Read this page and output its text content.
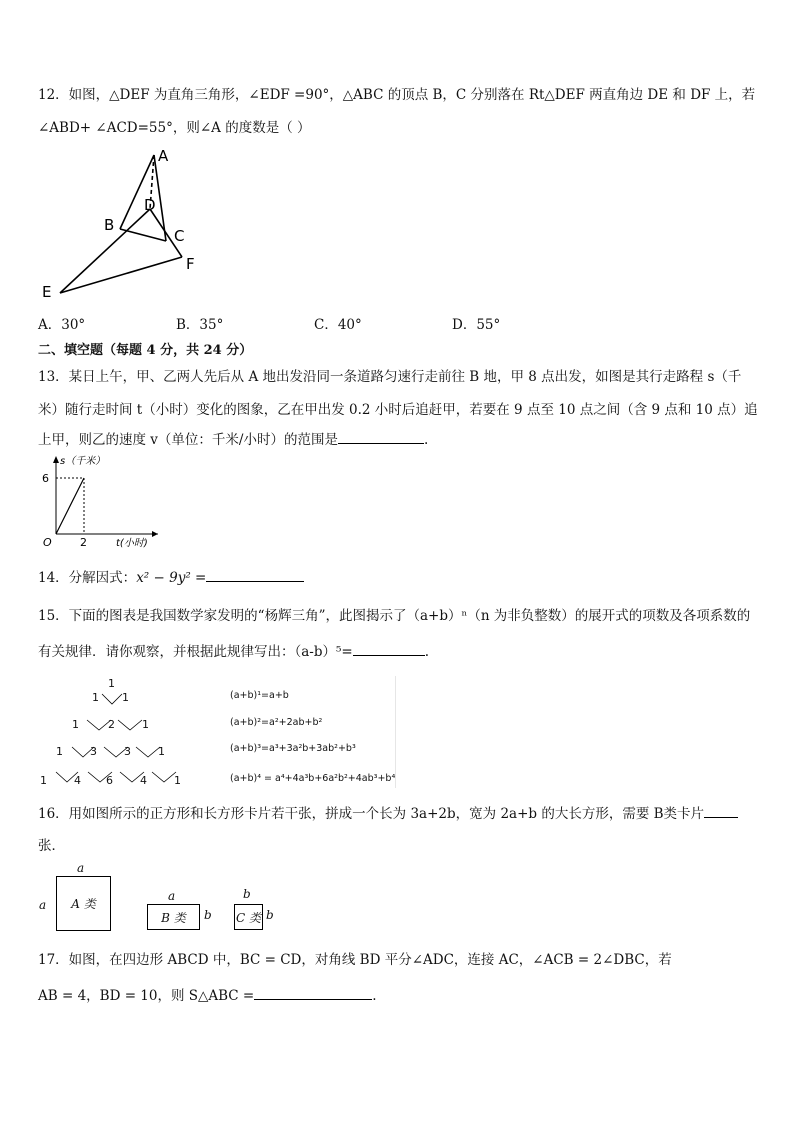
12．如图，△DEF 为直角三角形，∠EDF =90°，△ABC 的顶点 B，C 分别落在 Rt△DEF 两直角边 DE 和 DF 上，若
∠ABD+ ∠ACD=55°，则∠A 的度数是（ ）
A
B
C
D
E
F
A．30°	B．35°	C．40°	D．55°
二、填空题（每题 4 分，共 24 分）
13．某日上午，甲、乙两人先后从 A 地出发沿同一条道路匀速行走前往 B 地，甲 8 点出发，如图是其行走路程 s（千
米）随行走时间 t（小时）变化的图象，乙在甲出发 0.2 小时后追赶甲，若要在 9 点至 10 点之间（含 9 点和 10 点）追
上甲，则乙的速度 v（单位：千米/小时）的范围是	.
s（千米）
t(小时)
O
6
2
14．分解因式：x² − 9y² =
15．下面的图表是我国数学家发明的“杨辉三角”，此图揭示了（a+b）ⁿ（n 为非负整数）的展开式的项数及各项系数的
有关规律．请你观察，并根据此规律写出：（a-b）⁵=	.
1
1 1
1	2 1
1 3 3 1
1 4 6 4 1
(a+b)¹=a+b
(a+b)²=a²+2ab+b²
(a+b)³=a³+3a²b+3ab²+b³
(a+b)⁴ = a⁴+4a³b+6a²b²+4ab³+b⁴
16．用如图所示的正方形和长方形卡片若干张，拼成一个长为 3a+2b，宽为 2a+b 的大长方形，需要 B类卡片
张．
a
a	A 类
a
B 类	b
b
C 类 b
17．如图，在四边形 ABCD 中，BC = CD，对角线 BD 平分∠ADC，连接 AC，∠ACB = 2∠DBC，若
AB = 4，BD = 10，则 S△ABC =	.
